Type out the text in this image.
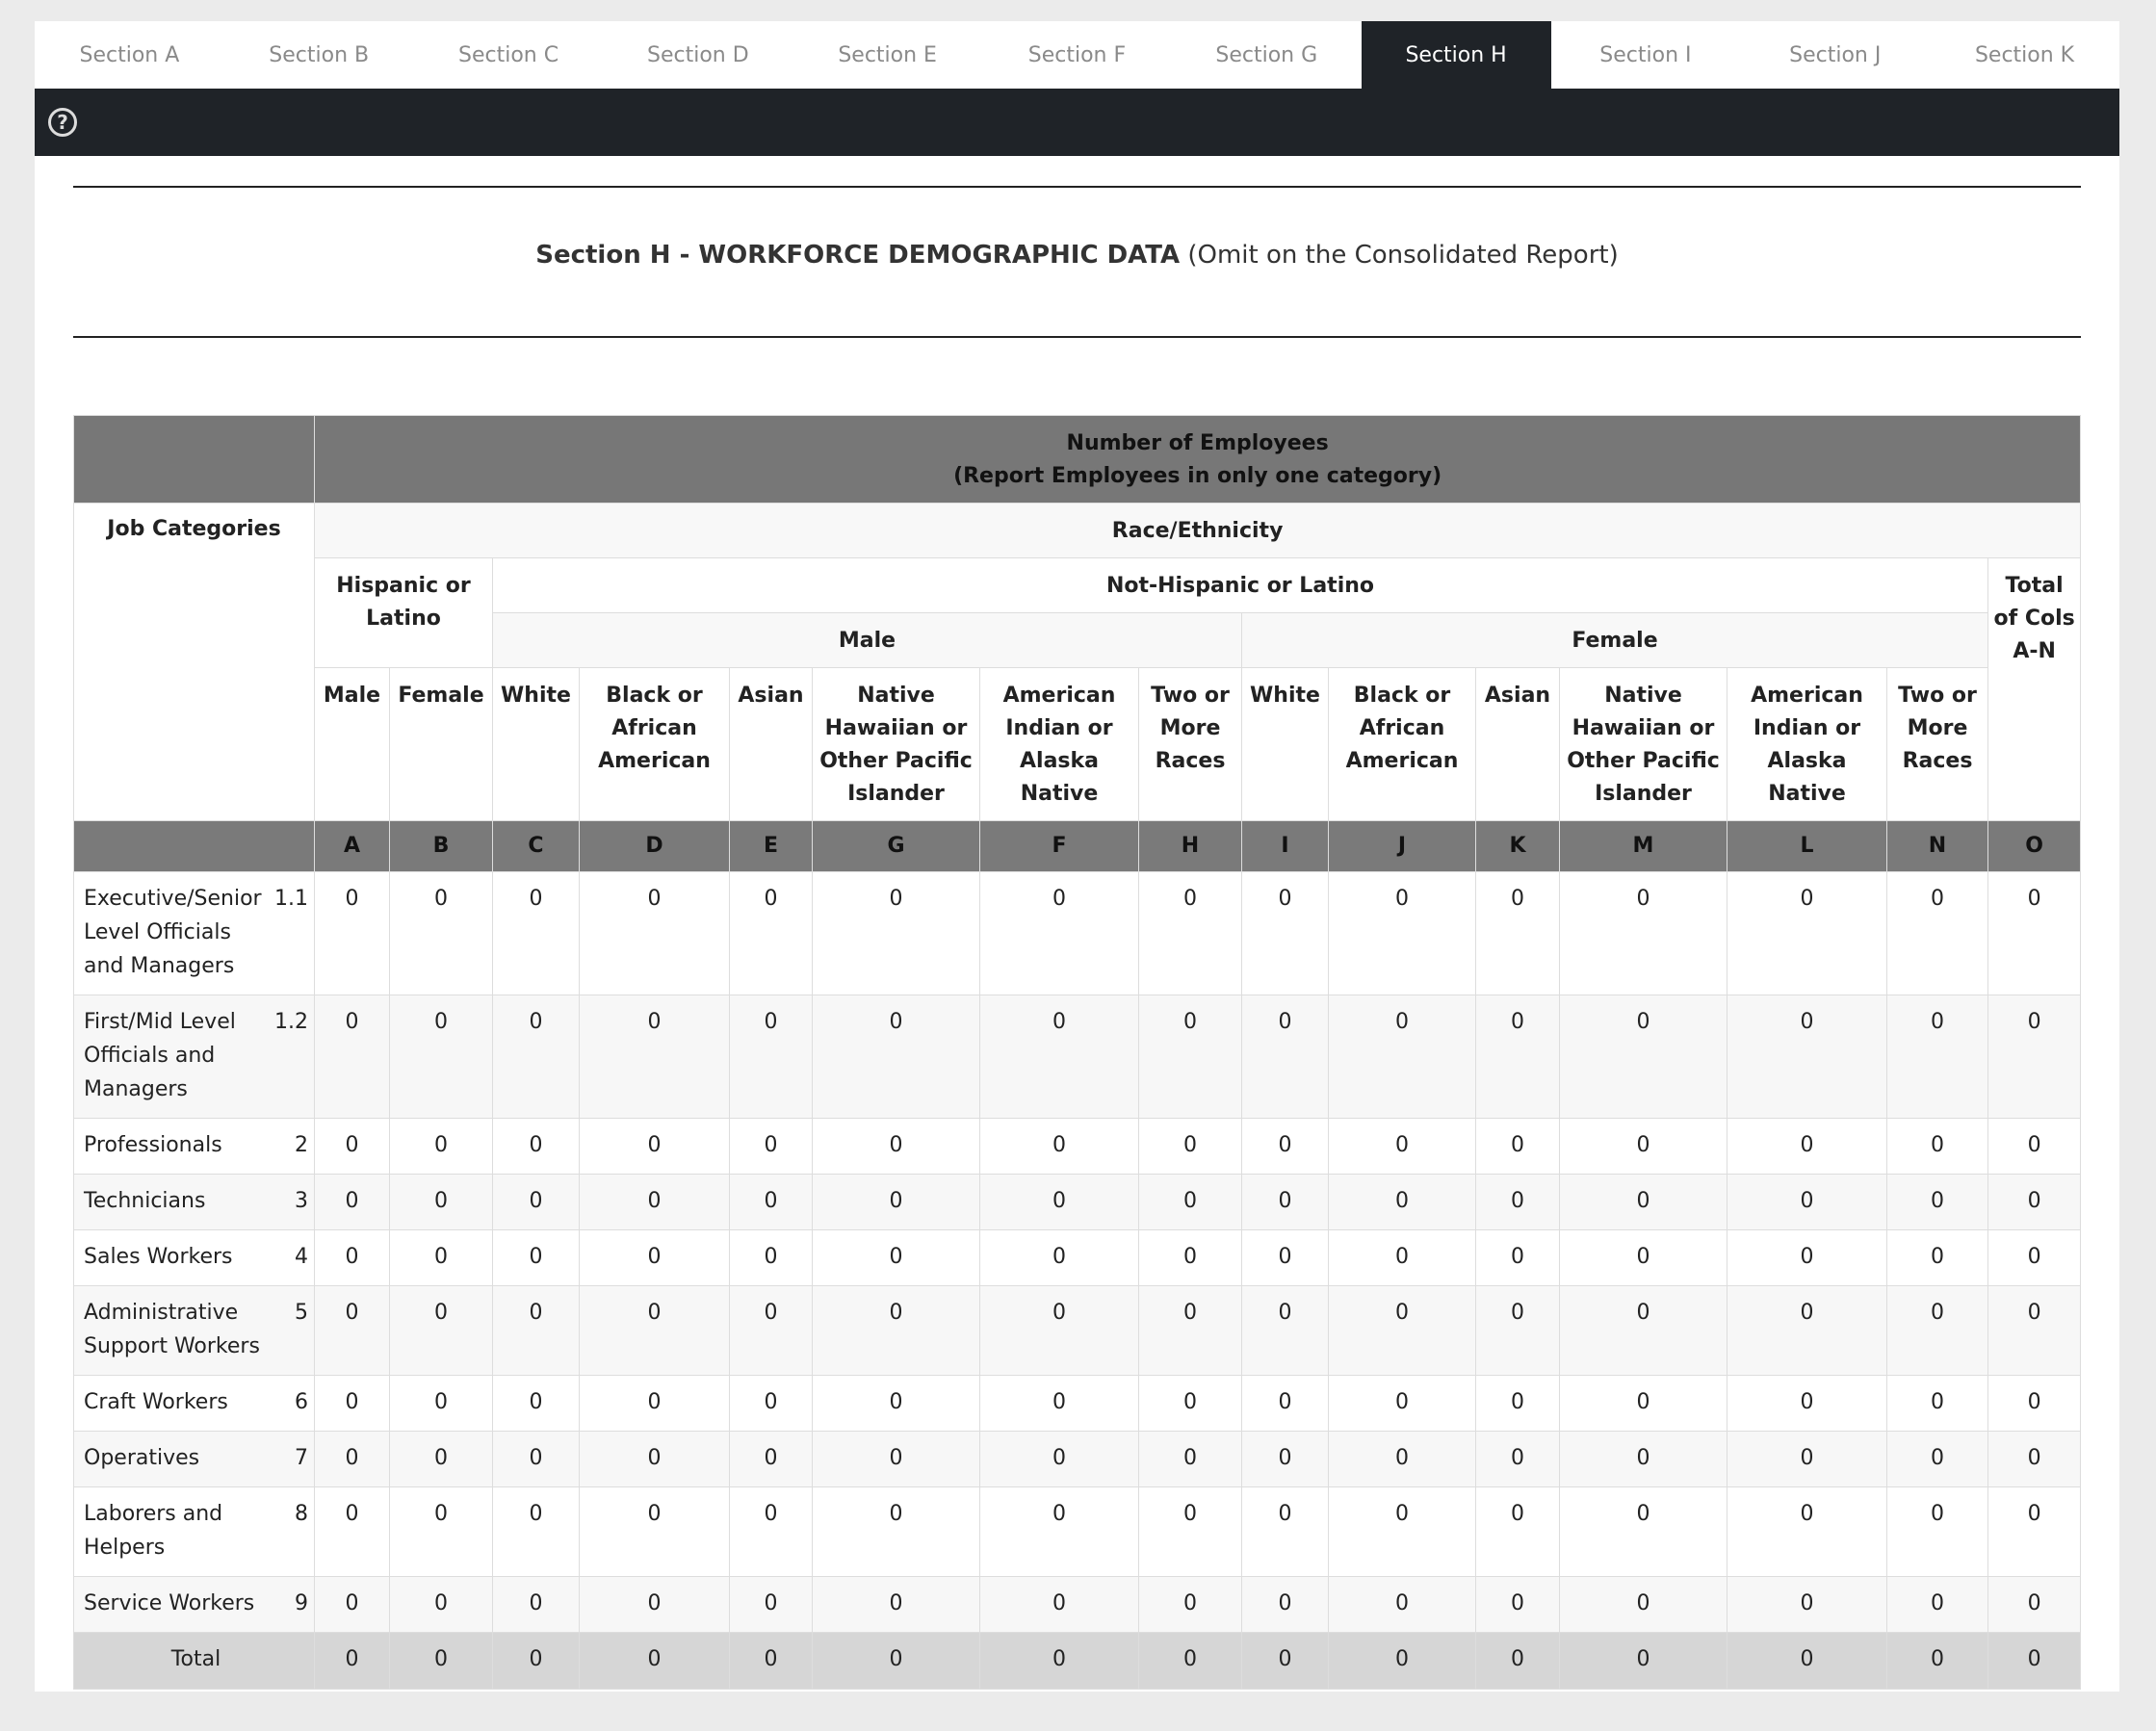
Section A	Section B	Section C	Section D	Section E	Section F	Section G	Section H	Section I	Section J	Section K
?
Section H - WORKFORCE DEMOGRAPHIC DATA (Omit on the Consolidated Report)
	Number of Employees
(Report Employees in only one category)														
Job Categories	Race/Ethnicity														
	Hispanic or Latino		Not-Hispanic or Latino												Total of Cols A-N
			Male						Female						
	Male	Female	White	Black or African American	Asian	Native Hawaiian or Other Pacific Islander	American Indian or Alaska Native	Two or More Races	White	Black or African American	Asian	Native Hawaiian or Other Pacific Islander	American Indian or Alaska Native	Two or More Races	
	A	B	C	D	E	G	F	H	I	J	K	M	L	N	O

Executive/Senior Level Officials and Managers
1.1	0	0	0	0	0	0	0	0	0	0	0	0	0	0	0

First/Mid Level Officials and Managers
1.2	0	0	0	0	0	0	0	0	0	0	0	0	0	0	0

Professionals 2	0	0	0	0	0	0	0	0	0	0	0	0	0	0	0

Technicians 3	0	0	0	0	0	0	0	0	0	0	0	0	0	0	0

Sales Workers 4	0	0	0	0	0	0	0	0	0	0	0	0	0	0	0

Administrative Support Workers
5	0	0	0	0	0	0	0	0	0	0	0	0	0	0	0

Craft Workers 6	0	0	0	0	0	0	0	0	0	0	0	0	0	0	0

Operatives 7	0	0	0	0	0	0	0	0	0	0	0	0	0	0	0

Laborers and Helpers
8	0	0	0	0	0	0	0	0	0	0	0	0	0	0	0

Service Workers 9	0	0	0	0	0	0	0	0	0	0	0	0	0	0	0
Total	0	0	0	0	0	0	0	0	0	0	0	0	0	0	0
